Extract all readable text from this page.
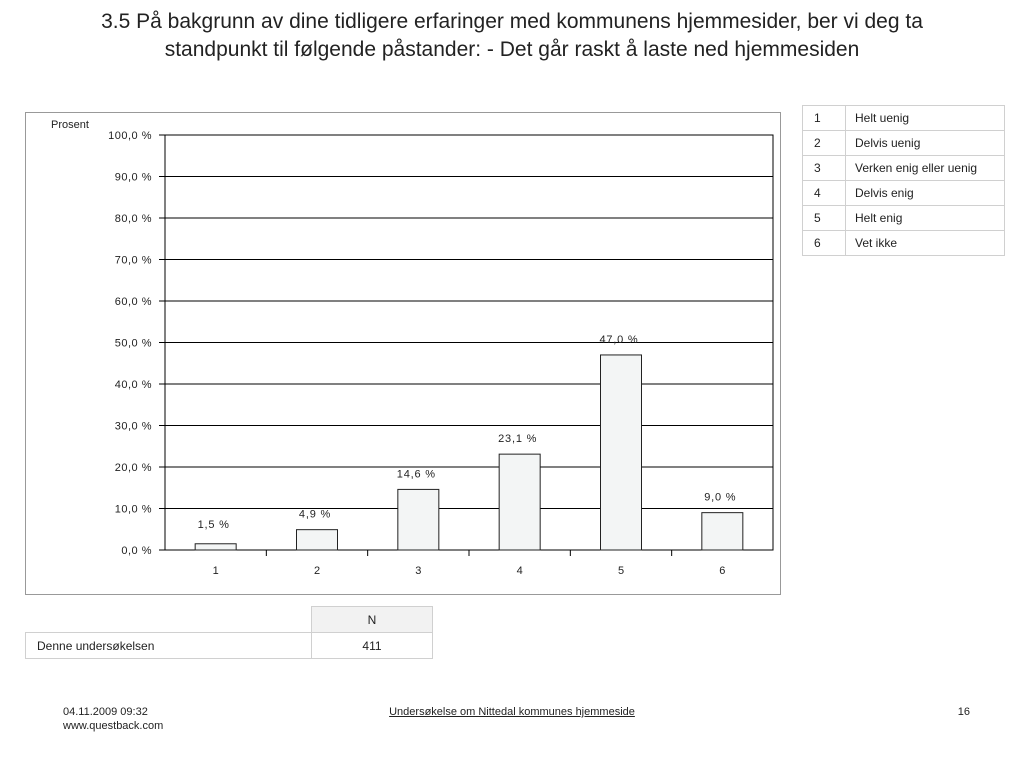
3.5 På bakgrunn av dine tidligere erfaringer med kommunens hjemmesider, ber vi deg ta
standpunkt til følgende påstander: - Det går raskt å laste ned hjemmesiden
Prosent
0,0 %
10,0 %
20,0 %
30,0 %
40,0 %
50,0 %
60,0 %
70,0 %
80,0 %
90,0 %
100,0 %
1,5 %
1
4,9 %
2
14,6 %
3
23,1 %
4
47,0 %
5
9,0 %
6
1	Helt uenig
2	Delvis uenig
3	Verken enig eller uenig
4	Delvis enig
5	Helt enig
6	Vet ikke
	N
Denne undersøkelsen	411
04.11.2009 09:32
www.questback.com
Undersøkelse om Nittedal kommunes hjemmeside	16
